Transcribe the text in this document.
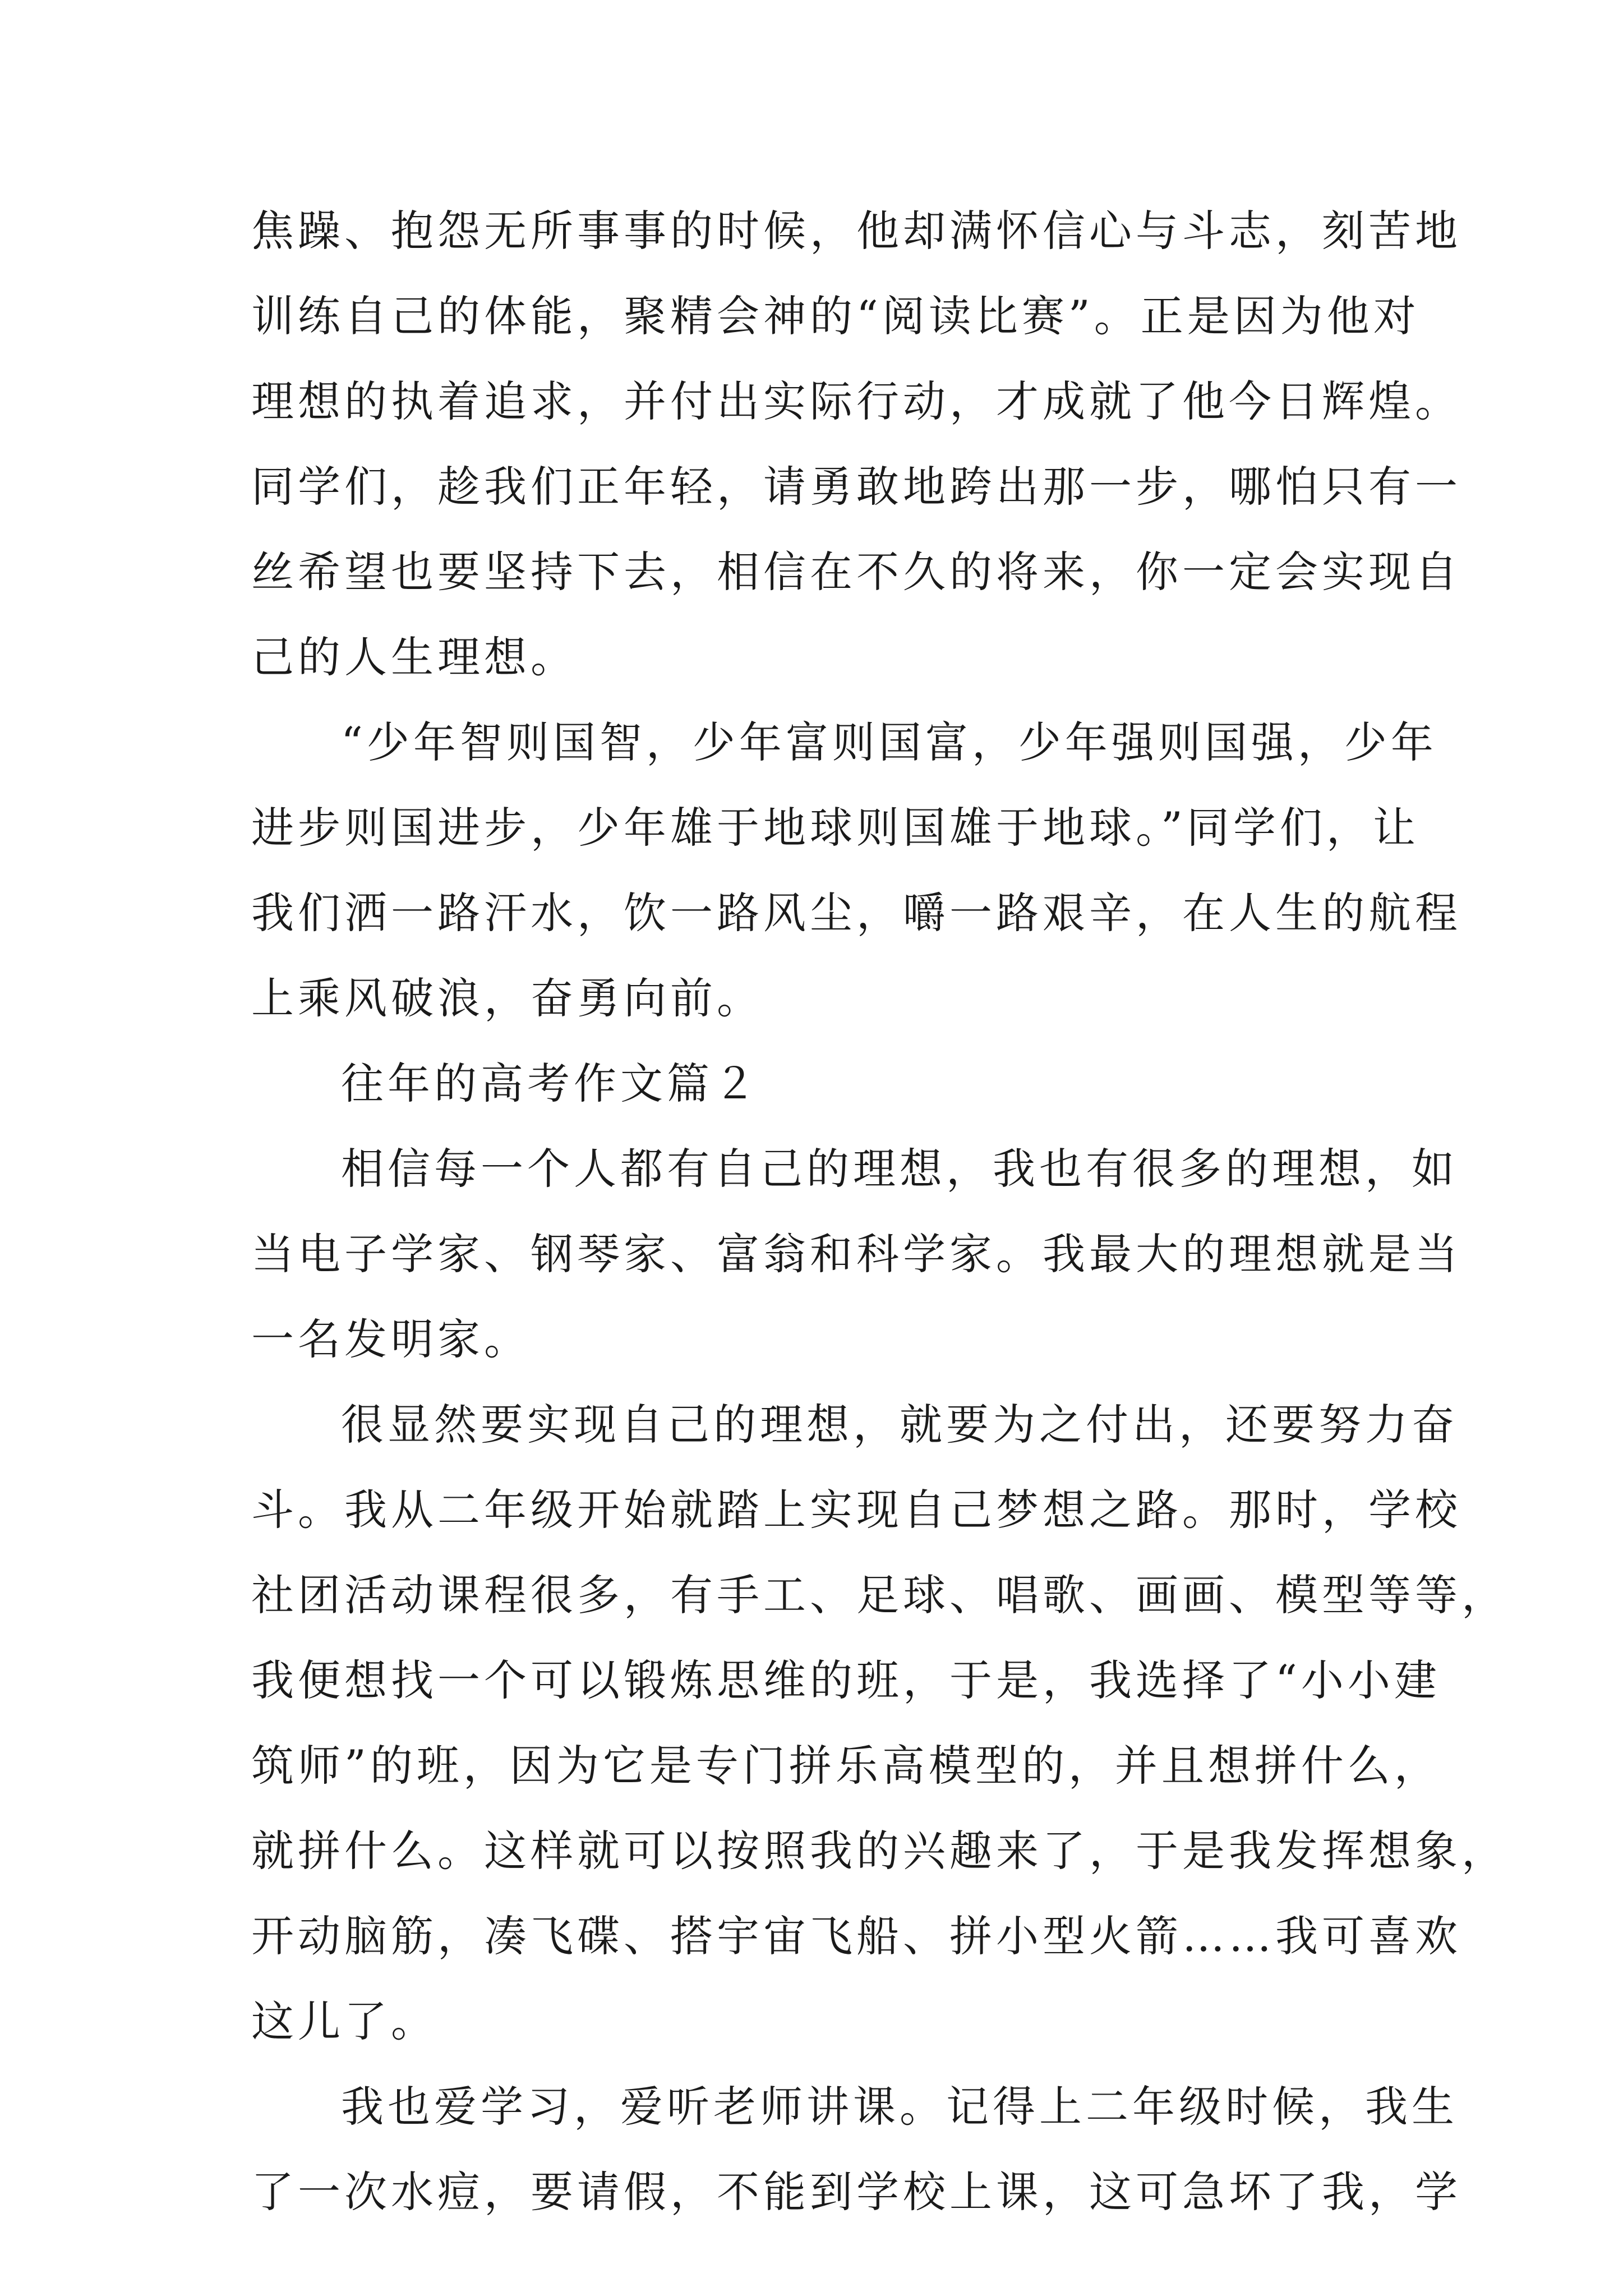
焦躁、抱怨无所事事的时候，他却满怀信心与斗志，刻苦地
训练自己的体能，聚精会神的“阅读比赛”。正是因为他对
理想的执着追求，并付出实际行动，才成就了他今日辉煌。
同学们，趁我们正年轻，请勇敢地跨出那一步，哪怕只有一
丝希望也要坚持下去，相信在不久的将来，你一定会实现自
己的人生理想。
“少年智则国智，少年富则国富，少年强则国强，少年
进步则国进步，少年雄于地球则国雄于地球。”同学们，让
我们洒一路汗水，饮一路风尘，嚼一路艰辛，在人生的航程
上乘风破浪，奋勇向前。
往年的高考作文篇２
相信每一个人都有自己的理想，我也有很多的理想，如
当电子学家、钢琴家、富翁和科学家。我最大的理想就是当
一名发明家。
很显然要实现自己的理想，就要为之付出，还要努力奋
斗。我从二年级开始就踏上实现自己梦想之路。那时，学校
社团活动课程很多，有手工、足球、唱歌、画画、模型等等，
我便想找一个可以锻炼思维的班，于是，我选择了“小小建
筑师”的班，因为它是专门拼乐高模型的，并且想拼什么，
就拼什么。这样就可以按照我的兴趣来了，于是我发挥想象，
开动脑筋，凑飞碟、搭宇宙飞船、拼小型火箭……我可喜欢
这儿了。
我也爱学习，爱听老师讲课。记得上二年级时候，我生
了一次水痘，要请假，不能到学校上课，这可急坏了我，学
